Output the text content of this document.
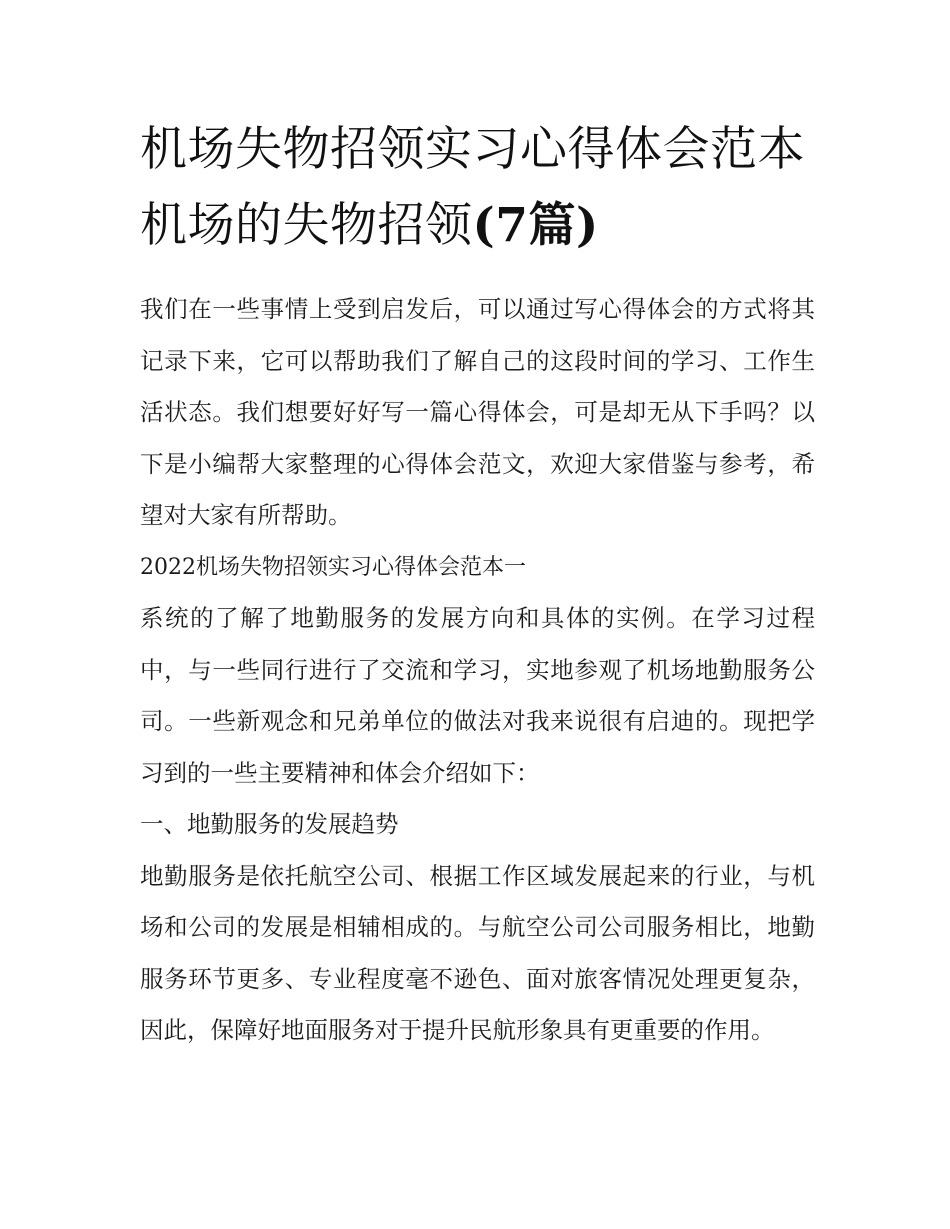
机场失物招领实习心得体会范本 机场的失物招领(7篇)

我们在一些事情上受到启发后，可以通过写心得体会的方式将其记录下来，它可以帮助我们了解自己的这段时间的学习、工作生活状态。我们想要好好写一篇心得体会，可是却无从下手吗？以下是小编帮大家整理的心得体会范文，欢迎大家借鉴与参考，希望对大家有所帮助。

2022机场失物招领实习心得体会范本一

系统的了解了地勤服务的发展方向和具体的实例。在学习过程中，与一些同行进行了交流和学习，实地参观了机场地勤服务公司。一些新观念和兄弟单位的做法对我来说很有启迪的。现把学习到的一些主要精神和体会介绍如下：

一、地勤服务的发展趋势

地勤服务是依托航空公司、根据工作区域发展起来的行业，与机场和公司的发展是相辅相成的。与航空公司公司服务相比，地勤服务环节更多、专业程度毫不逊色、面对旅客情况处理更复杂，因此，保障好地面服务对于提升民航形象具有更重要的作用。
